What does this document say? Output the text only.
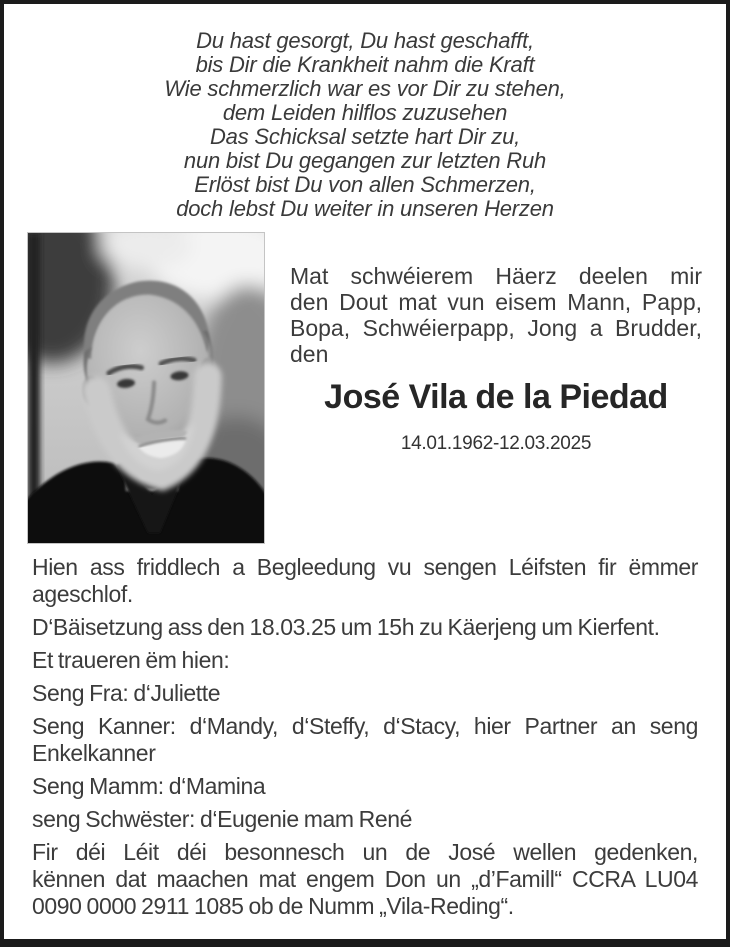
Du hast gesorgt, Du hast geschafft,
bis Dir die Krankheit nahm die Kraft
Wie schmerzlich war es vor Dir zu stehen,
dem Leiden hilflos zuzusehen
Das Schicksal setzte hart Dir zu,
nun bist Du gegangen zur letzten Ruh
Erlöst bist Du von allen Schmerzen,
doch lebst Du weiter in unseren Herzen
Mat schwéierem Häerz deelen mir
den Dout mat vun eisem Mann, Papp,
Bopa, Schwéierpapp, Jong a Brudder,
den
José Vila de la Piedad
14.01.1962-12.03.2025
Hien ass friddlech a Begleedung vu sengen Léifsten fir ëmmer
ageschlof.
D‘Bäisetzung ass den 18.03.25 um 15h zu Käerjeng um Kierfent.
Et traueren ëm hien:
Seng Fra: d‘Juliette
Seng Kanner: d‘Mandy, d‘Steffy, d‘Stacy, hier Partner an seng
Enkelkanner
Seng Mamm: d‘Mamina
seng Schwëster: d‘Eugenie mam René
Fir déi Léit déi besonnesch un de José wellen gedenken,
kënnen dat maachen mat engem Don un „d’Famill“ CCRA LU04
0090 0000 2911 1085 ob de Numm „Vila-Reding“.
